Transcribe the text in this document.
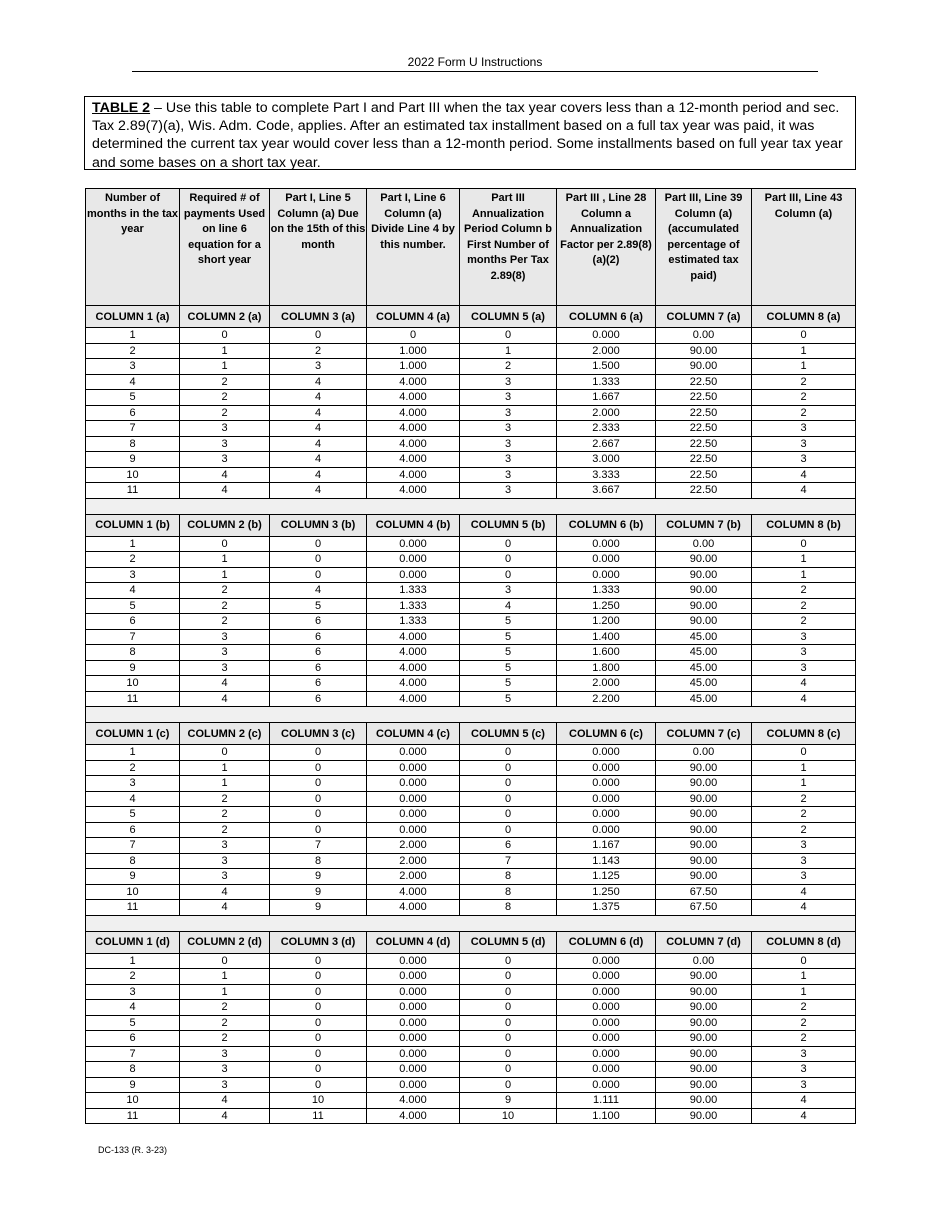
2022 Form U Instructions
TABLE 2 – Use this table to complete Part I and Part III when the tax year covers less than a 12-month period and sec. Tax 2.89(7)(a), Wis. Adm. Code, applies. After an estimated tax installment based on a full tax year was paid, it was determined the current tax year would cover less than a 12-month period. Some installments based on full year tax year and some bases on a short tax year.
Number of months in the tax year	Required # of payments Used on line 6 equation for a short year	Part I, Line 5 Column (a) Due on the 15th of this month	Part I, Line 6 Column (a) Divide Line 4 by this number.	Part III Annualization Period Column b First Number of months Per Tax 2.89(8)	Part III , Line 28 Column a Annualization Factor per 2.89(8)(a)(2)	Part III, Line 39 Column (a) (accumulated percentage of estimated tax paid)	Part III, Line 43 Column (a)
COLUMN 1 (a)	COLUMN 2 (a)	COLUMN 3 (a)	COLUMN 4 (a)	COLUMN 5 (a)	COLUMN 6 (a)	COLUMN 7 (a)	COLUMN 8 (a)
1	0	0	0	0	0.000	0.00	0
2	1	2	1.000	1	2.000	90.00	1
3	1	3	1.000	2	1.500	90.00	1
4	2	4	4.000	3	1.333	22.50	2
5	2	4	4.000	3	1.667	22.50	2
6	2	4	4.000	3	2.000	22.50	2
7	3	4	4.000	3	2.333	22.50	3
8	3	4	4.000	3	2.667	22.50	3
9	3	4	4.000	3	3.000	22.50	3
10	4	4	4.000	3	3.333	22.50	4
11	4	4	4.000	3	3.667	22.50	4

COLUMN 1 (b)	COLUMN 2 (b)	COLUMN 3 (b)	COLUMN 4 (b)	COLUMN 5 (b)	COLUMN 6 (b)	COLUMN 7 (b)	COLUMN 8 (b)
1	0	0	0.000	0	0.000	0.00	0
2	1	0	0.000	0	0.000	90.00	1
3	1	0	0.000	0	0.000	90.00	1
4	2	4	1.333	3	1.333	90.00	2
5	2	5	1.333	4	1.250	90.00	2
6	2	6	1.333	5	1.200	90.00	2
7	3	6	4.000	5	1.400	45.00	3
8	3	6	4.000	5	1.600	45.00	3
9	3	6	4.000	5	1.800	45.00	3
10	4	6	4.000	5	2.000	45.00	4
11	4	6	4.000	5	2.200	45.00	4

COLUMN 1 (c)	COLUMN 2 (c)	COLUMN 3 (c)	COLUMN 4 (c)	COLUMN 5 (c)	COLUMN 6 (c)	COLUMN 7 (c)	COLUMN 8 (c)
1	0	0	0.000	0	0.000	0.00	0
2	1	0	0.000	0	0.000	90.00	1
3	1	0	0.000	0	0.000	90.00	1
4	2	0	0.000	0	0.000	90.00	2
5	2	0	0.000	0	0.000	90.00	2
6	2	0	0.000	0	0.000	90.00	2
7	3	7	2.000	6	1.167	90.00	3
8	3	8	2.000	7	1.143	90.00	3
9	3	9	2.000	8	1.125	90.00	3
10	4	9	4.000	8	1.250	67.50	4
11	4	9	4.000	8	1.375	67.50	4

COLUMN 1 (d)	COLUMN 2 (d)	COLUMN 3 (d)	COLUMN 4 (d)	COLUMN 5 (d)	COLUMN 6 (d)	COLUMN 7 (d)	COLUMN 8 (d)
1	0	0	0.000	0	0.000	0.00	0
2	1	0	0.000	0	0.000	90.00	1
3	1	0	0.000	0	0.000	90.00	1
4	2	0	0.000	0	0.000	90.00	2
5	2	0	0.000	0	0.000	90.00	2
6	2	0	0.000	0	0.000	90.00	2
7	3	0	0.000	0	0.000	90.00	3
8	3	0	0.000	0	0.000	90.00	3
9	3	0	0.000	0	0.000	90.00	3
10	4	10	4.000	9	1.111	90.00	4
11	4	11	4.000	10	1.100	90.00	4
DC-133 (R. 3-23)
